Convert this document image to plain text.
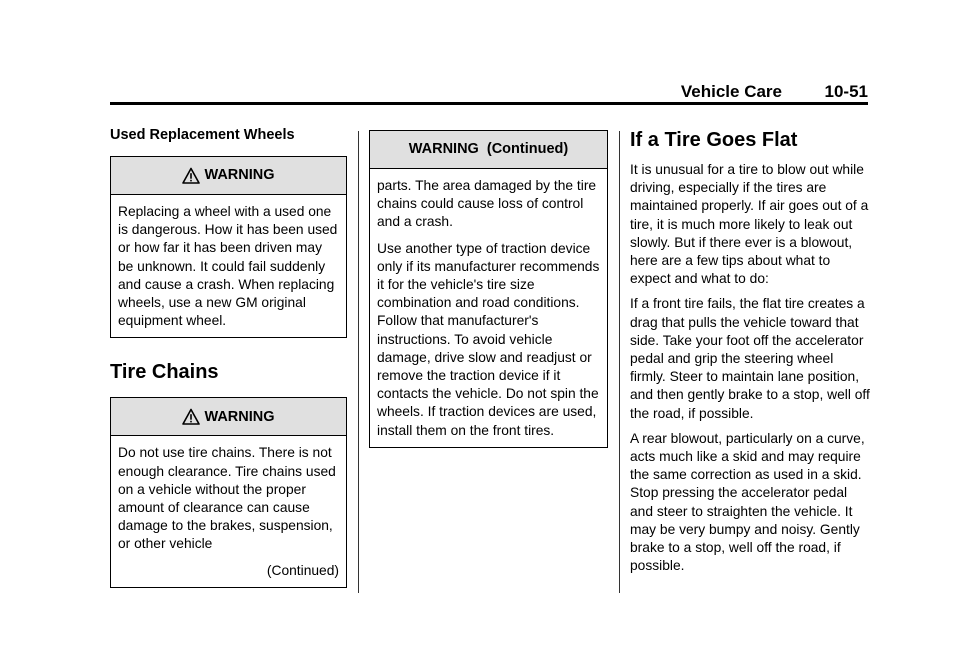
Vehicle Care	10-51
Used Replacement Wheels
WARNING

Replacing a wheel with a used one is dangerous. How it has been used or how far it has been driven may be unknown. It could fail suddenly and cause a crash. When replacing wheels, use a new GM original equipment wheel.

Tire Chains
WARNING

Do not use tire chains. There is not enough clearance. Tire chains used on a vehicle without the proper amount of clearance can cause damage to the brakes, suspension, or other vehicle

(Continued)
WARNING  (Continued)

parts. The area damaged by the tire chains could cause loss of control and a crash.

Use another type of traction device only if its manufacturer recommends it for the vehicle's tire size combination and road conditions. Follow that manufacturer's instructions. To avoid vehicle damage, drive slow and readjust or remove the traction device if it contacts the vehicle. Do not spin the wheels. If traction devices are used, install them on the front tires.

If a Tire Goes Flat

It is unusual for a tire to blow out while driving, especially if the tires are maintained properly. If air goes out of a tire, it is much more likely to leak out slowly. But if there ever is a blowout, here are a few tips about what to expect and what to do:

If a front tire fails, the flat tire creates a drag that pulls the vehicle toward that side. Take your foot off the accelerator pedal and grip the steering wheel firmly. Steer to maintain lane position, and then gently brake to a stop, well off the road, if possible.

A rear blowout, particularly on a curve, acts much like a skid and may require the same correction as used in a skid. Stop pressing the accelerator pedal and steer to straighten the vehicle. It may be very bumpy and noisy. Gently brake to a stop, well off the road, if possible.
